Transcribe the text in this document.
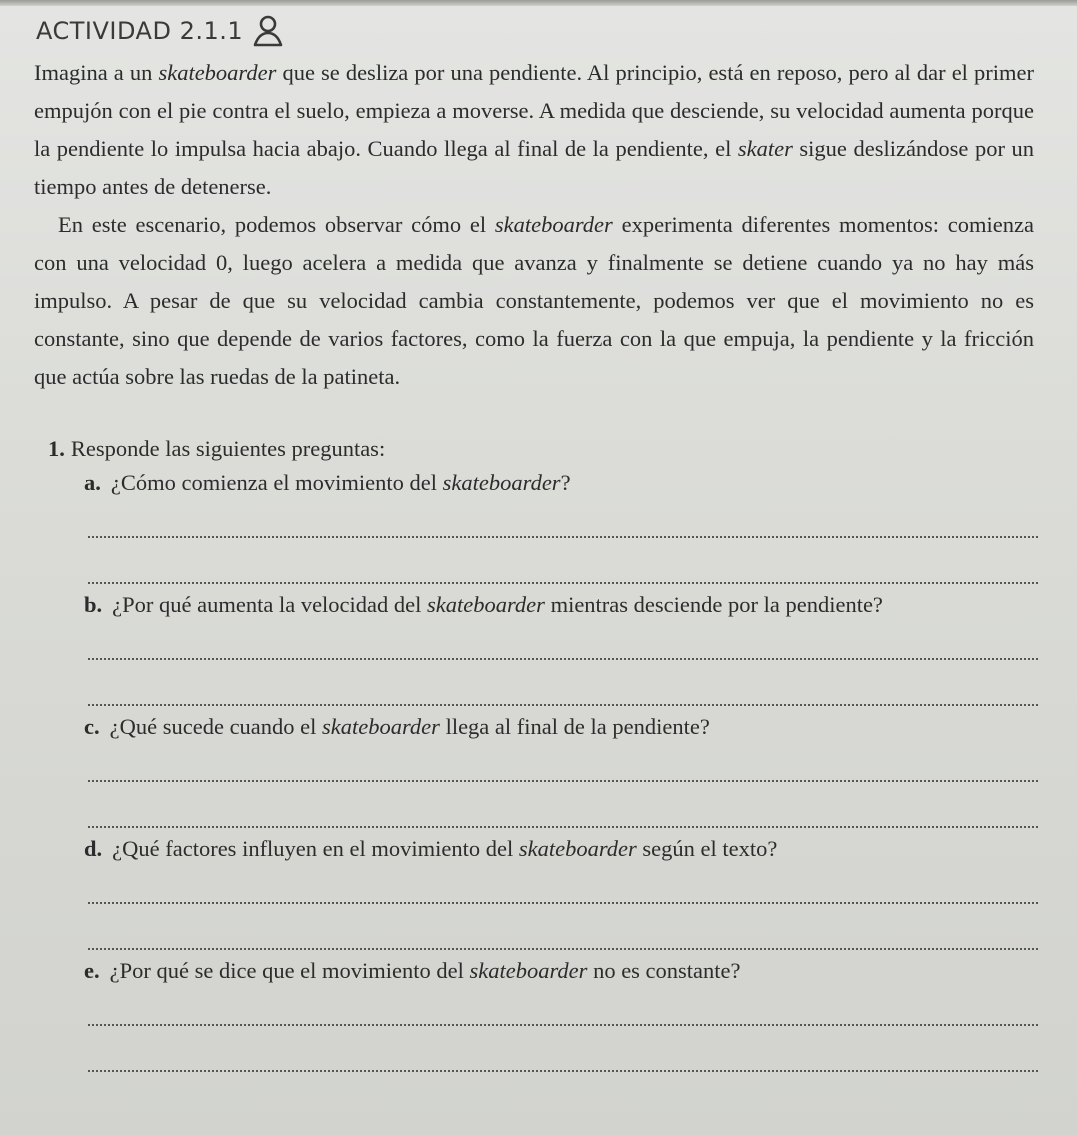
ACTIVIDAD 2.1.1

Imagina a un skateboarder que se desliza por una pendiente. Al principio, está en reposo, pero al dar el primer empujón con el pie contra el suelo, empieza a moverse. A medida que desciende, su velocidad aumenta porque la pendiente lo impulsa hacia abajo. Cuando llega al final de la pendiente, el skater sigue deslizándose por un tiempo antes de detenerse.

En este escenario, podemos observar cómo el skateboarder experimenta diferentes momentos: comienza con una velocidad 0, luego acelera a medida que avanza y finalmente se detiene cuando ya no hay más impulso. A pesar de que su velocidad cambia constantemente, podemos ver que el movimiento no es constante, sino que depende de varios factores, como la fuerza con la que empuja, la pendiente y la fricción que actúa sobre las ruedas de la patineta.

1. Responde las siguientes preguntas:
a. ¿Cómo comienza el movimiento del skateboarder?
b. ¿Por qué aumenta la velocidad del skateboarder mientras desciende por la pendiente?
c. ¿Qué sucede cuando el skateboarder llega al final de la pendiente?
d. ¿Qué factores influyen en el movimiento del skateboarder según el texto?
e. ¿Por qué se dice que el movimiento del skateboarder no es constante?
